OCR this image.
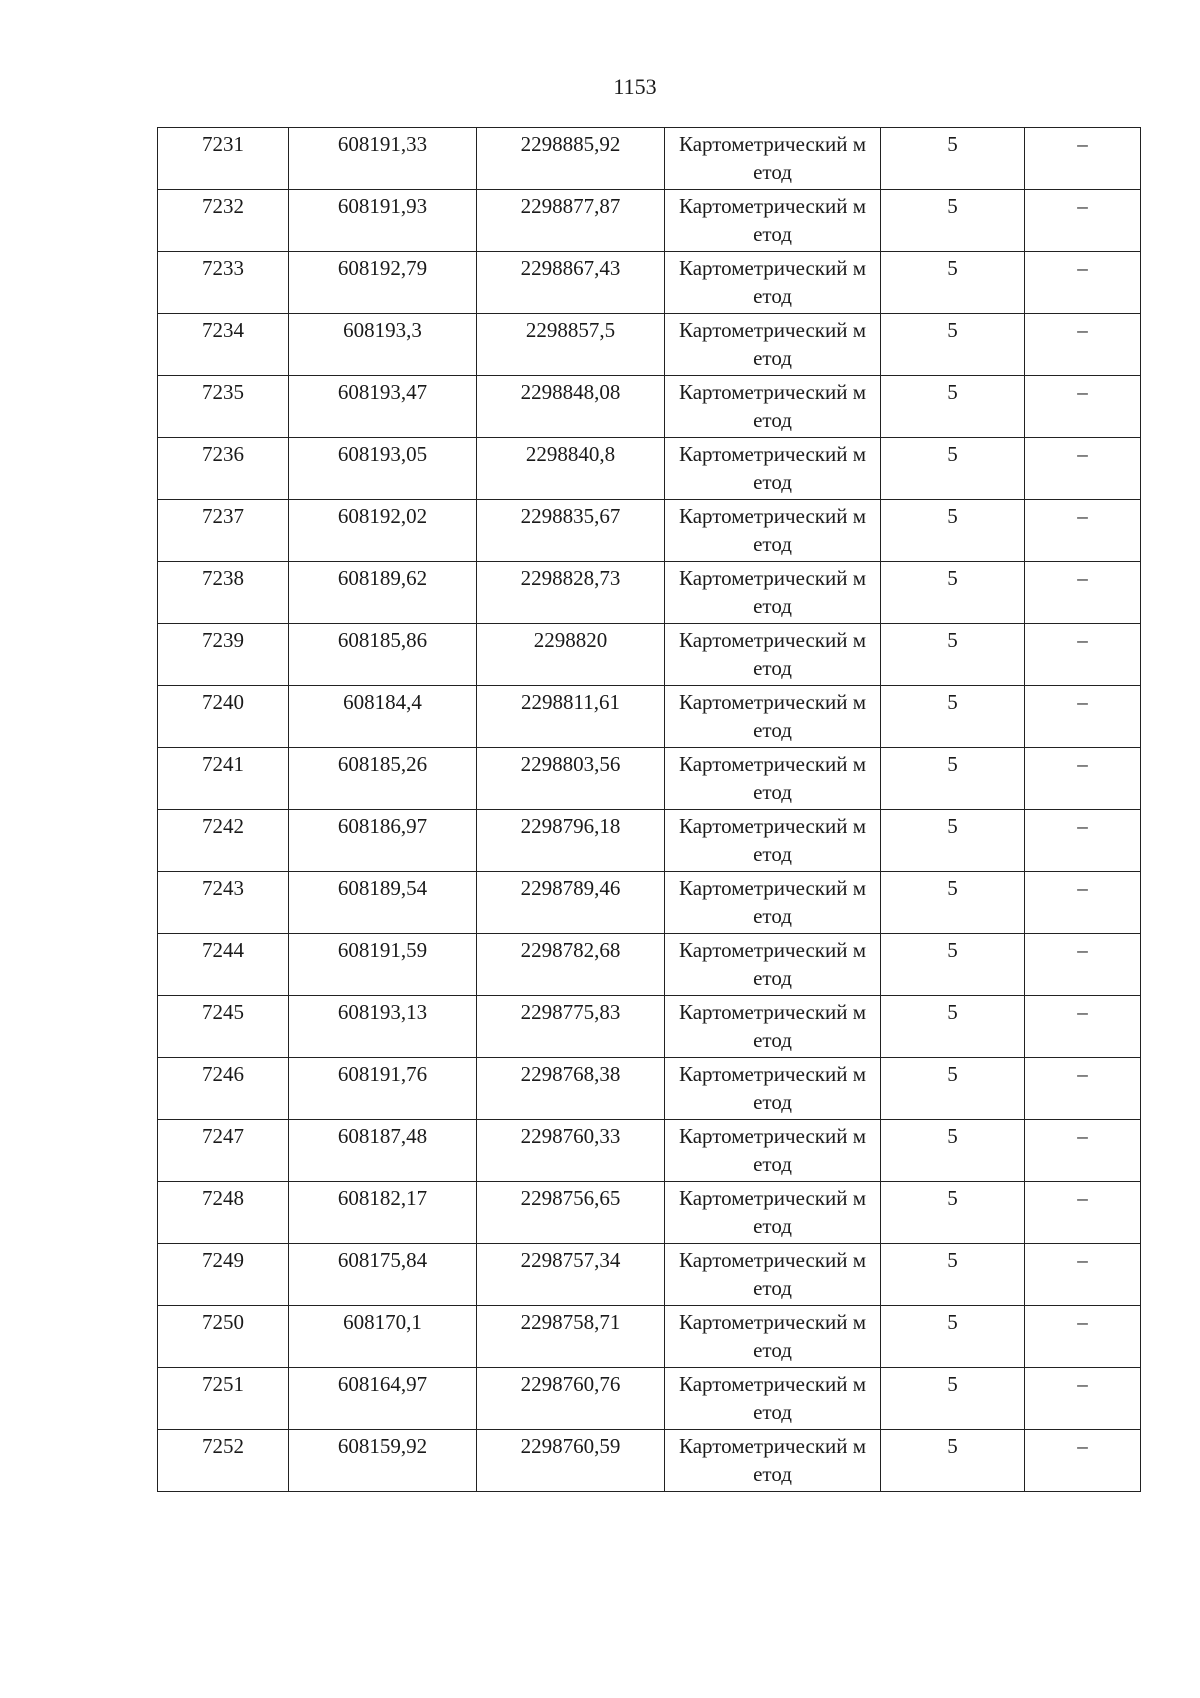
1153
7231	608191,33	2298885,92	Картометрический метод	5	–
7232	608191,93	2298877,87	Картометрический метод	5	–
7233	608192,79	2298867,43	Картометрический метод	5	–
7234	608193,3	2298857,5	Картометрический метод	5	–
7235	608193,47	2298848,08	Картометрический метод	5	–
7236	608193,05	2298840,8	Картометрический метод	5	–
7237	608192,02	2298835,67	Картометрический метод	5	–
7238	608189,62	2298828,73	Картометрический метод	5	–
7239	608185,86	2298820	Картометрический метод	5	–
7240	608184,4	2298811,61	Картометрический метод	5	–
7241	608185,26	2298803,56	Картометрический метод	5	–
7242	608186,97	2298796,18	Картометрический метод	5	–
7243	608189,54	2298789,46	Картометрический метод	5	–
7244	608191,59	2298782,68	Картометрический метод	5	–
7245	608193,13	2298775,83	Картометрический метод	5	–
7246	608191,76	2298768,38	Картометрический метод	5	–
7247	608187,48	2298760,33	Картометрический метод	5	–
7248	608182,17	2298756,65	Картометрический метод	5	–
7249	608175,84	2298757,34	Картометрический метод	5	–
7250	608170,1	2298758,71	Картометрический метод	5	–
7251	608164,97	2298760,76	Картометрический метод	5	–
7252	608159,92	2298760,59	Картометрический метод	5	–
